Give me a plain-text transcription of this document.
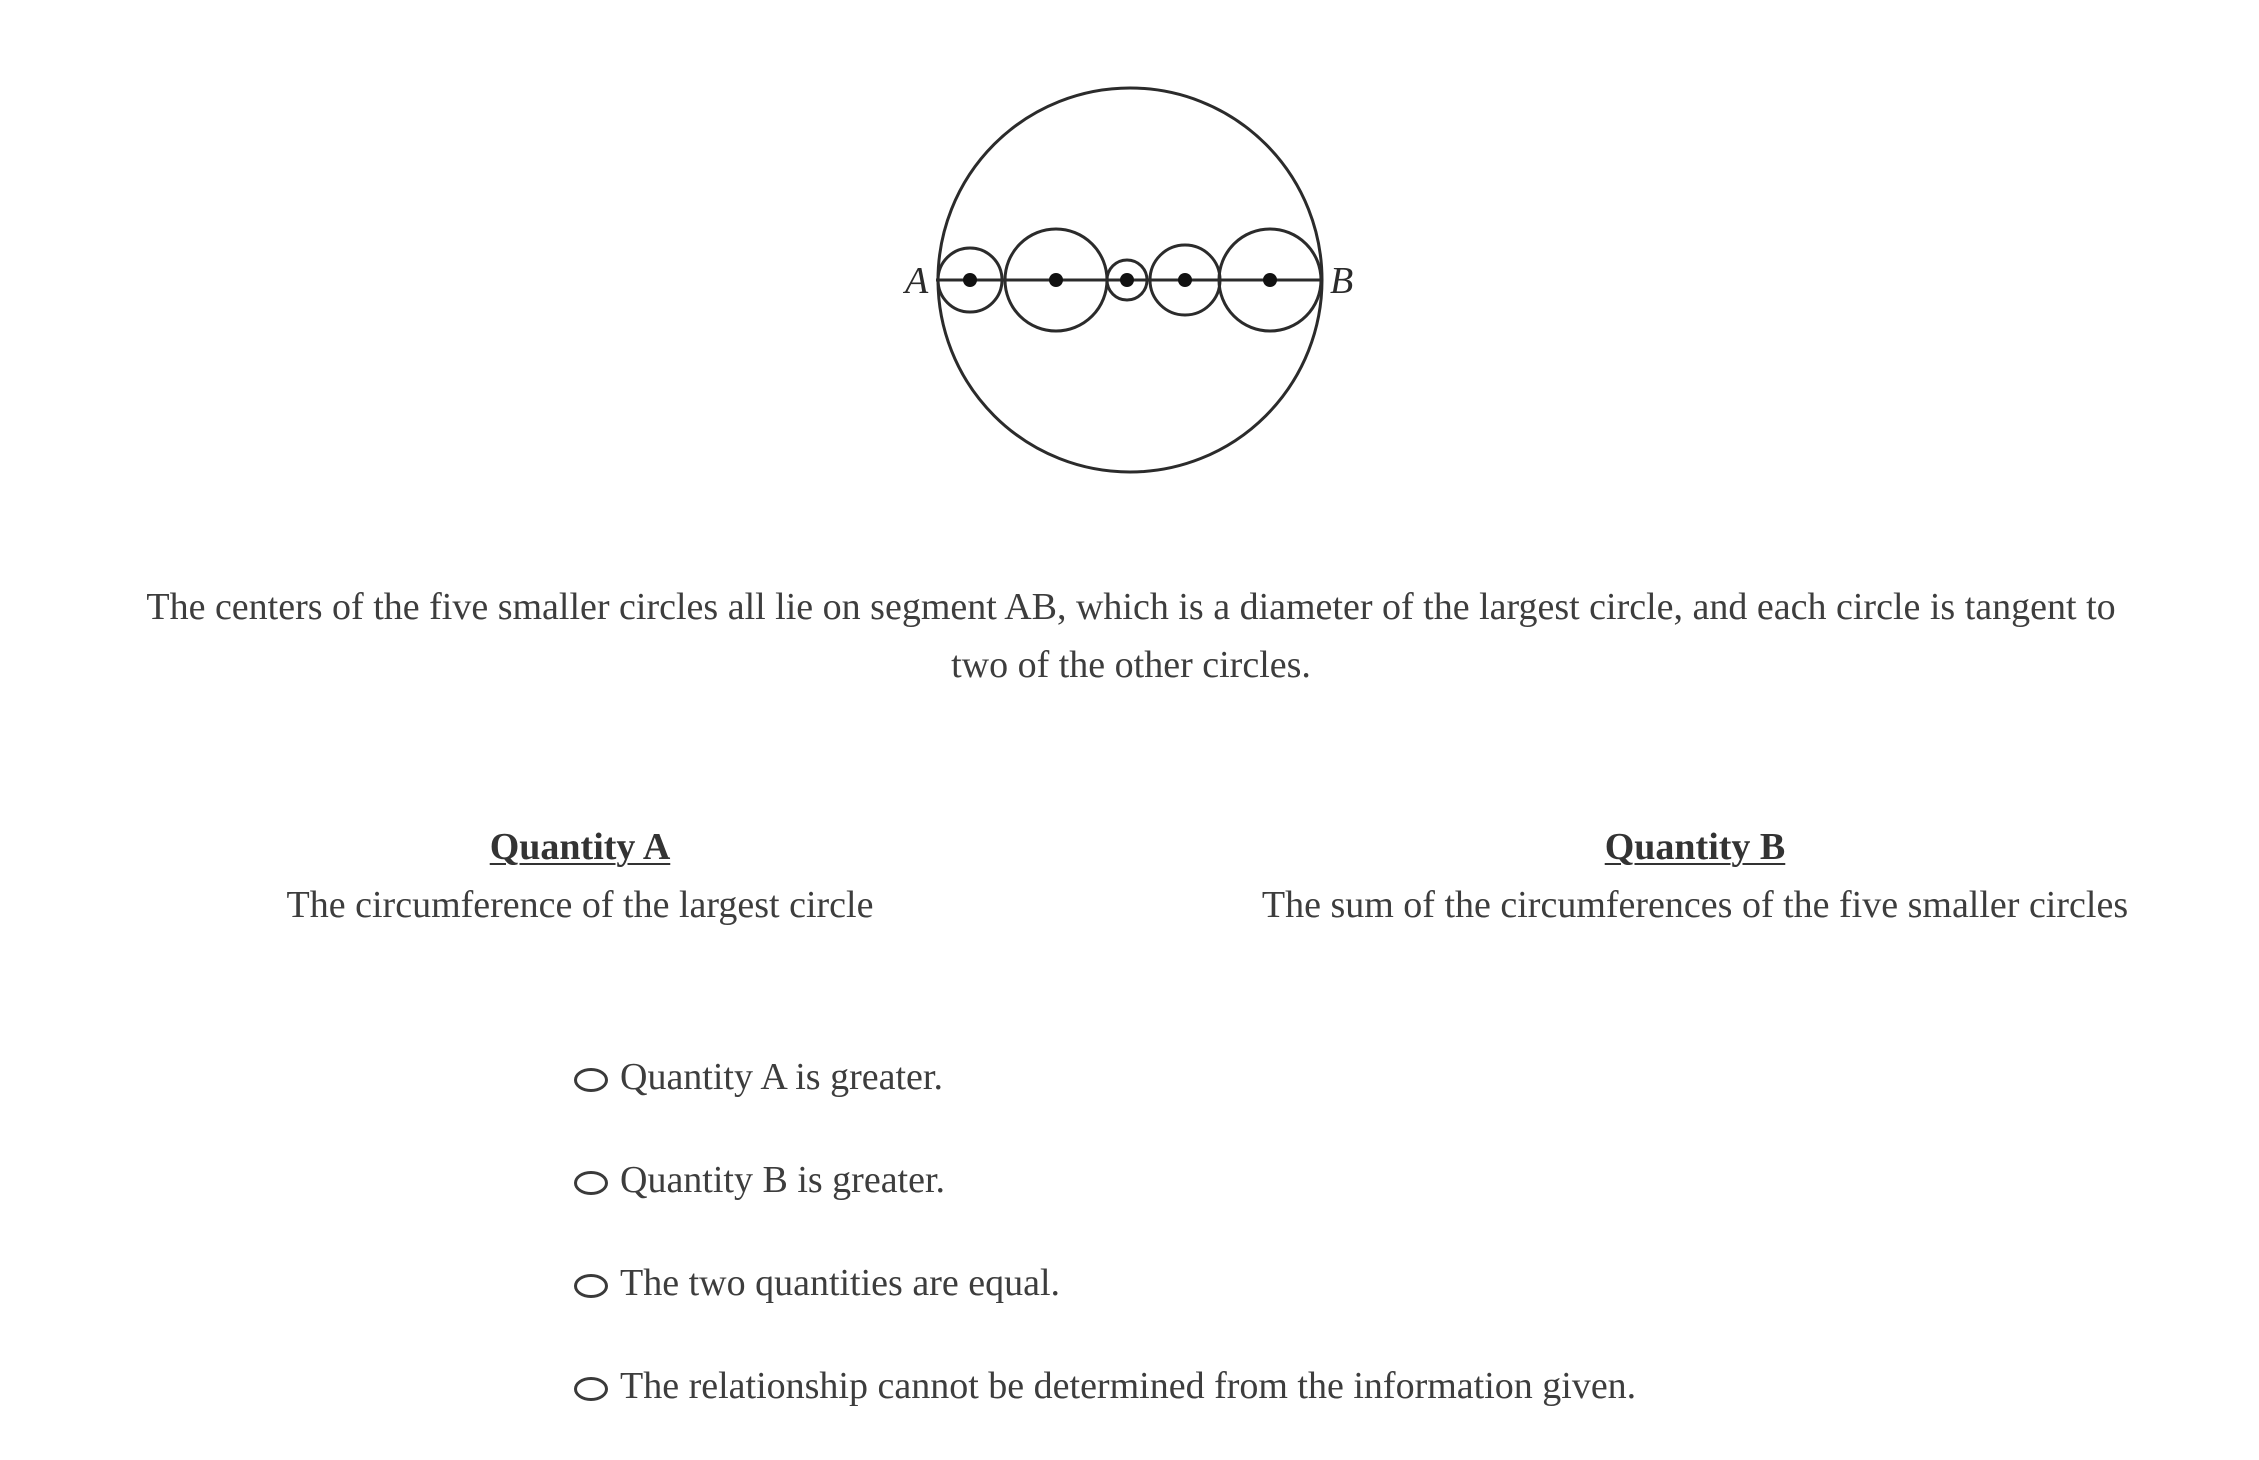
A	B
The centers of the five smaller circles all lie on segment AB, which is a diameter of the largest circle, and each circle is tangent to two of the other circles.
Quantity A
The circumference of the largest circle
Quantity B
The sum of the circumferences of the five smaller circles
Quantity A is greater.
Quantity B is greater.
The two quantities are equal.
The relationship cannot be determined from the information given.
